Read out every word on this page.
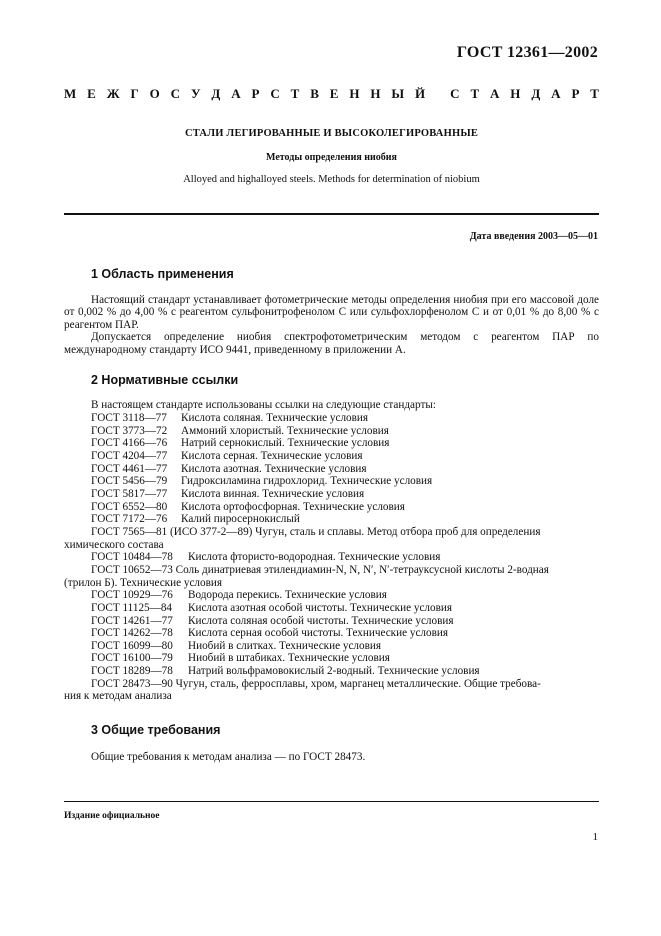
ГОСТ 12361—2002
М Е Ж Г О С У Д А Р С Т В Е Н Н Ы Й
С Т А Н Д А Р Т
СТАЛИ ЛЕГИРОВАННЫЕ И ВЫСОКОЛЕГИРОВАННЫЕ
Методы определения ниобия
Alloyed and highalloyed steels. Methods for determination of niobium
Дата введения 2003—05—01
1 Область применения

Настоящий стандарт устанавливает фотометрические методы определения ниобия при его массовой доле от 0,002 % до 4,00 % с реагентом сульфонитрофенолом С или сульфохлорфенолом С и от 0,01 % до 8,00 % с реагентом ПАР.

Допускается определение ниобия спектрофотометрическим методом с реагентом ПАР по международному стандарту ИСО 9441, приведенному в приложении А.

2 Нормативные ссылки
В настоящем стандарте использованы ссылки на следующие стандарты:
ГОСТ 3118—77	Кислота соляная. Технические условия
ГОСТ 3773—72	Аммоний хлористый. Технические условия
ГОСТ 4166—76	Натрий сернокислый. Технические условия
ГОСТ 4204—77	Кислота серная. Технические условия
ГОСТ 4461—77	Кислота азотная. Технические условия
ГОСТ 5456—79	Гидроксиламина гидрохлорид. Технические условия
ГОСТ 5817—77	Кислота винная. Технические условия
ГОСТ 6552—80	Кислота ортофосфорная. Технические условия
ГОСТ 7172—76	Калий пиросернокислый
ГОСТ 7565—81 (ИСО 377-2—89) Чугун, сталь и сплавы. Метод отбора проб для определения
химического состава
ГОСТ 10484—78	Кислота фтористо-водородная. Технические условия
ГОСТ 10652—73 Соль динатриевая этилендиамин-N, N, N′, N′-тетрауксусной кислоты 2-водная
(трилон Б). Технические условия
ГОСТ 10929—76	Водорода перекись. Технические условия
ГОСТ 11125—84	Кислота азотная особой чистоты. Технические условия
ГОСТ 14261—77	Кислота соляная особой чистоты. Технические условия
ГОСТ 14262—78	Кислота серная особой чистоты. Технические условия
ГОСТ 16099—80	Ниобий в слитках. Технические условия
ГОСТ 16100—79	Ниобий в штабиках. Технические условия
ГОСТ 18289—78	Натрий вольфрамовокислый 2-водный. Технические условия
ГОСТ 28473—90 Чугун, сталь, ферросплавы, хром, марганец металлические. Общие требова-
ния к методам анализа
3 Общие требования
Общие требования к методам анализа — по ГОСТ 28473.
Издание официальное
1
